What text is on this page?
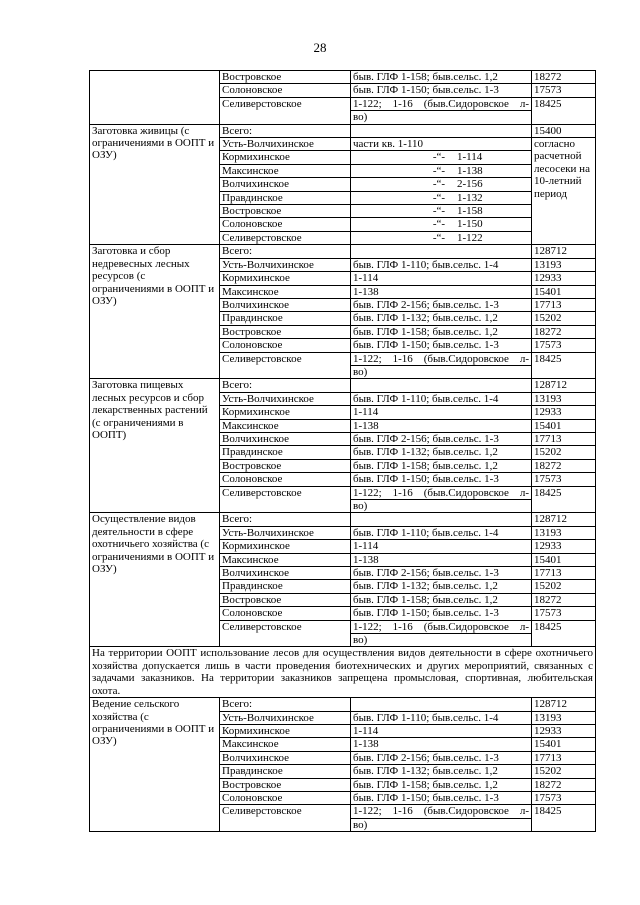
28
	Востровское	быв. ГЛФ 1-158; быв.сельс. 1,2	18272
	Солоновское	быв. ГЛФ 1-150; быв.сельс. 1-3	17573
	Селиверстовское	1-122; 1-16 (быв.Сидоровское л-	18425
		во)	
Заготовка живицы (с ограничениями в ООПТ и ОЗУ)	Всего:		15400
	Усть-Волчихинское	части кв. 1-110	согласно расчетной лесосеки на 10-летний период
	Кормихинское	-“- 1-114	
	Максинское	-“- 1-138	
	Волчихинское	-“- 2-156	
	Правдинское	-“- 1-132	
	Востровское	-“- 1-158	
	Солоновское	-“- 1-150	
	Селиверстовское	-“- 1-122	
Заготовка и сбор недревесных лесных ресурсов (с ограничениями в ООПТ и ОЗУ)	Всего:		128712
	Усть-Волчихинское	быв. ГЛФ 1-110; быв.сельс. 1-4	13193
	Кормихинское	1-114	12933
	Максинское	1-138	15401
	Волчихинское	быв. ГЛФ 2-156; быв.сельс. 1-3	17713
	Правдинское	быв. ГЛФ 1-132; быв.сельс. 1,2	15202
	Востровское	быв. ГЛФ 1-158; быв.сельс. 1,2	18272
	Солоновское	быв. ГЛФ 1-150; быв.сельс. 1-3	17573
	Селиверстовское	1-122; 1-16 (быв.Сидоровское л-	18425
		во)	
Заготовка пищевых лесных ресурсов и сбор лекарственных растений (с ограничениями в ООПТ)	Всего:		128712
	Усть-Волчихинское	быв. ГЛФ 1-110; быв.сельс. 1-4	13193
	Кормихинское	1-114	12933
	Максинское	1-138	15401
	Волчихинское	быв. ГЛФ 2-156; быв.сельс. 1-3	17713
	Правдинское	быв. ГЛФ 1-132; быв.сельс. 1,2	15202
	Востровское	быв. ГЛФ 1-158; быв.сельс. 1,2	18272
	Солоновское	быв. ГЛФ 1-150; быв.сельс. 1-3	17573
	Селиверстовское	1-122; 1-16 (быв.Сидоровское л-	18425
		во)	
Осуществление видов деятельности в сфере охотничьего хозяйства (с ограничениями в ООПТ и ОЗУ)	Всего:		128712
	Усть-Волчихинское	быв. ГЛФ 1-110; быв.сельс. 1-4	13193
	Кормихинское	1-114	12933
	Максинское	1-138	15401
	Волчихинское	быв. ГЛФ 2-156; быв.сельс. 1-3	17713
	Правдинское	быв. ГЛФ 1-132; быв.сельс. 1,2	15202
	Востровское	быв. ГЛФ 1-158; быв.сельс. 1,2	18272
	Солоновское	быв. ГЛФ 1-150; быв.сельс. 1-3	17573
	Селиверстовское	1-122; 1-16 (быв.Сидоровское л-	18425
		во)	
На территории ООПТ использование лесов для осуществления видов деятельности в сфере охотничьего хозяйства допускается лишь в части проведения биотехнических и других мероприятий, связанных с задачами заказников. На территории заказников запрещена промысловая, спортивная, любительская охота.			
Ведение сельского хозяйства (с ограничениями в ООПТ и ОЗУ)	Всего:		128712
	Усть-Волчихинское	быв. ГЛФ 1-110; быв.сельс. 1-4	13193
	Кормихинское	1-114	12933
	Максинское	1-138	15401
	Волчихинское	быв. ГЛФ 2-156; быв.сельс. 1-3	17713
	Правдинское	быв. ГЛФ 1-132; быв.сельс. 1,2	15202
	Востровское	быв. ГЛФ 1-158; быв.сельс. 1,2	18272
	Солоновское	быв. ГЛФ 1-150; быв.сельс. 1-3	17573
	Селиверстовское	1-122; 1-16 (быв.Сидоровское л-	18425
		во)	
